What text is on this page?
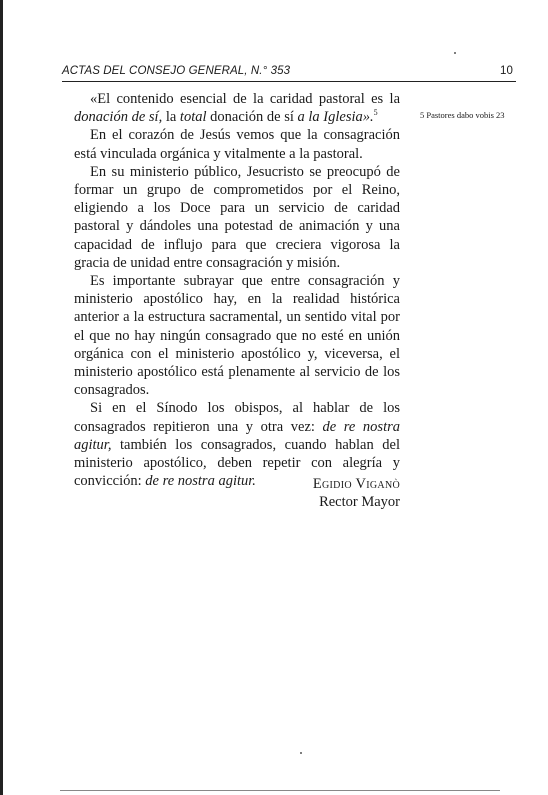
ACTAS DEL CONSEJO GENERAL, N.° 353	10

«El contenido esencial de la caridad pastoral es la donación de sí, la total donación de sí a la Iglesia».$^5$

En el corazón de Jesús vemos que la consagración está vinculada orgánica y vitalmente a la pastoral.

En su ministerio público, Jesucristo se preocupó de formar un grupo de comprometidos por el Reino, eligiendo a los Doce para un servicio de caridad pastoral y dándoles una potestad de animación y una capacidad de influjo para que creciera vigorosa la gracia de unidad entre consagración y misión.

Es importante subrayar que entre consagración y ministerio apostólico hay, en la realidad histórica anterior a la estructura sacramental, un sentido vital por el que no hay ningún consagrado que no esté en unión orgánica con el ministerio apostólico y, viceversa, el ministerio apostólico está plenamente al servicio de los consagrados.

Si en el Sínodo los obispos, al hablar de los consagrados repitieron una y otra vez: de re nostra agitur, también los consagrados, cuando hablan del ministerio apostólico, deben repetir con alegría y convicción: de re nostra agitur.	Egidio Viganò
Rector Mayor
5 Pastores dabo vobis 23
